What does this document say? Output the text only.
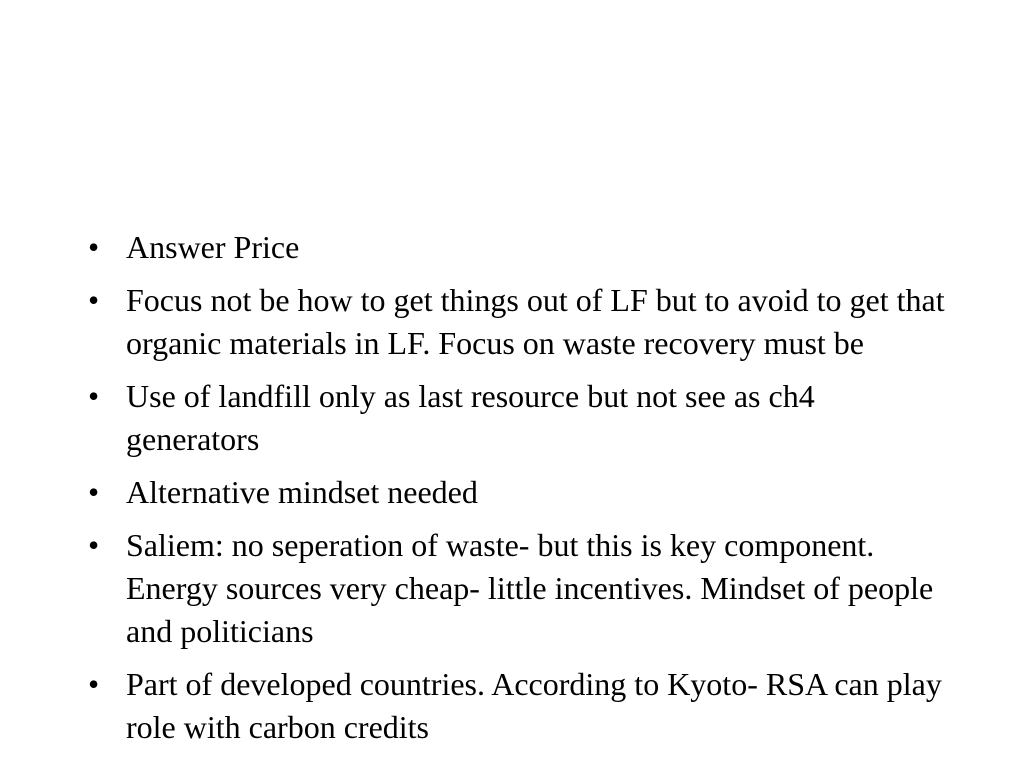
• Answer Price
• Focus not be how to get things out of LF but to avoid to get that organic materials in LF. Focus on waste recovery must be
• Use of landfill only as last resource but not see as ch4 generators
• Alternative mindset needed
• Saliem: no seperation of waste- but this is key component. Energy sources very cheap- little incentives. Mindset of people and politicians
• Part of developed countries. According to Kyoto- RSA can play role with carbon credits
